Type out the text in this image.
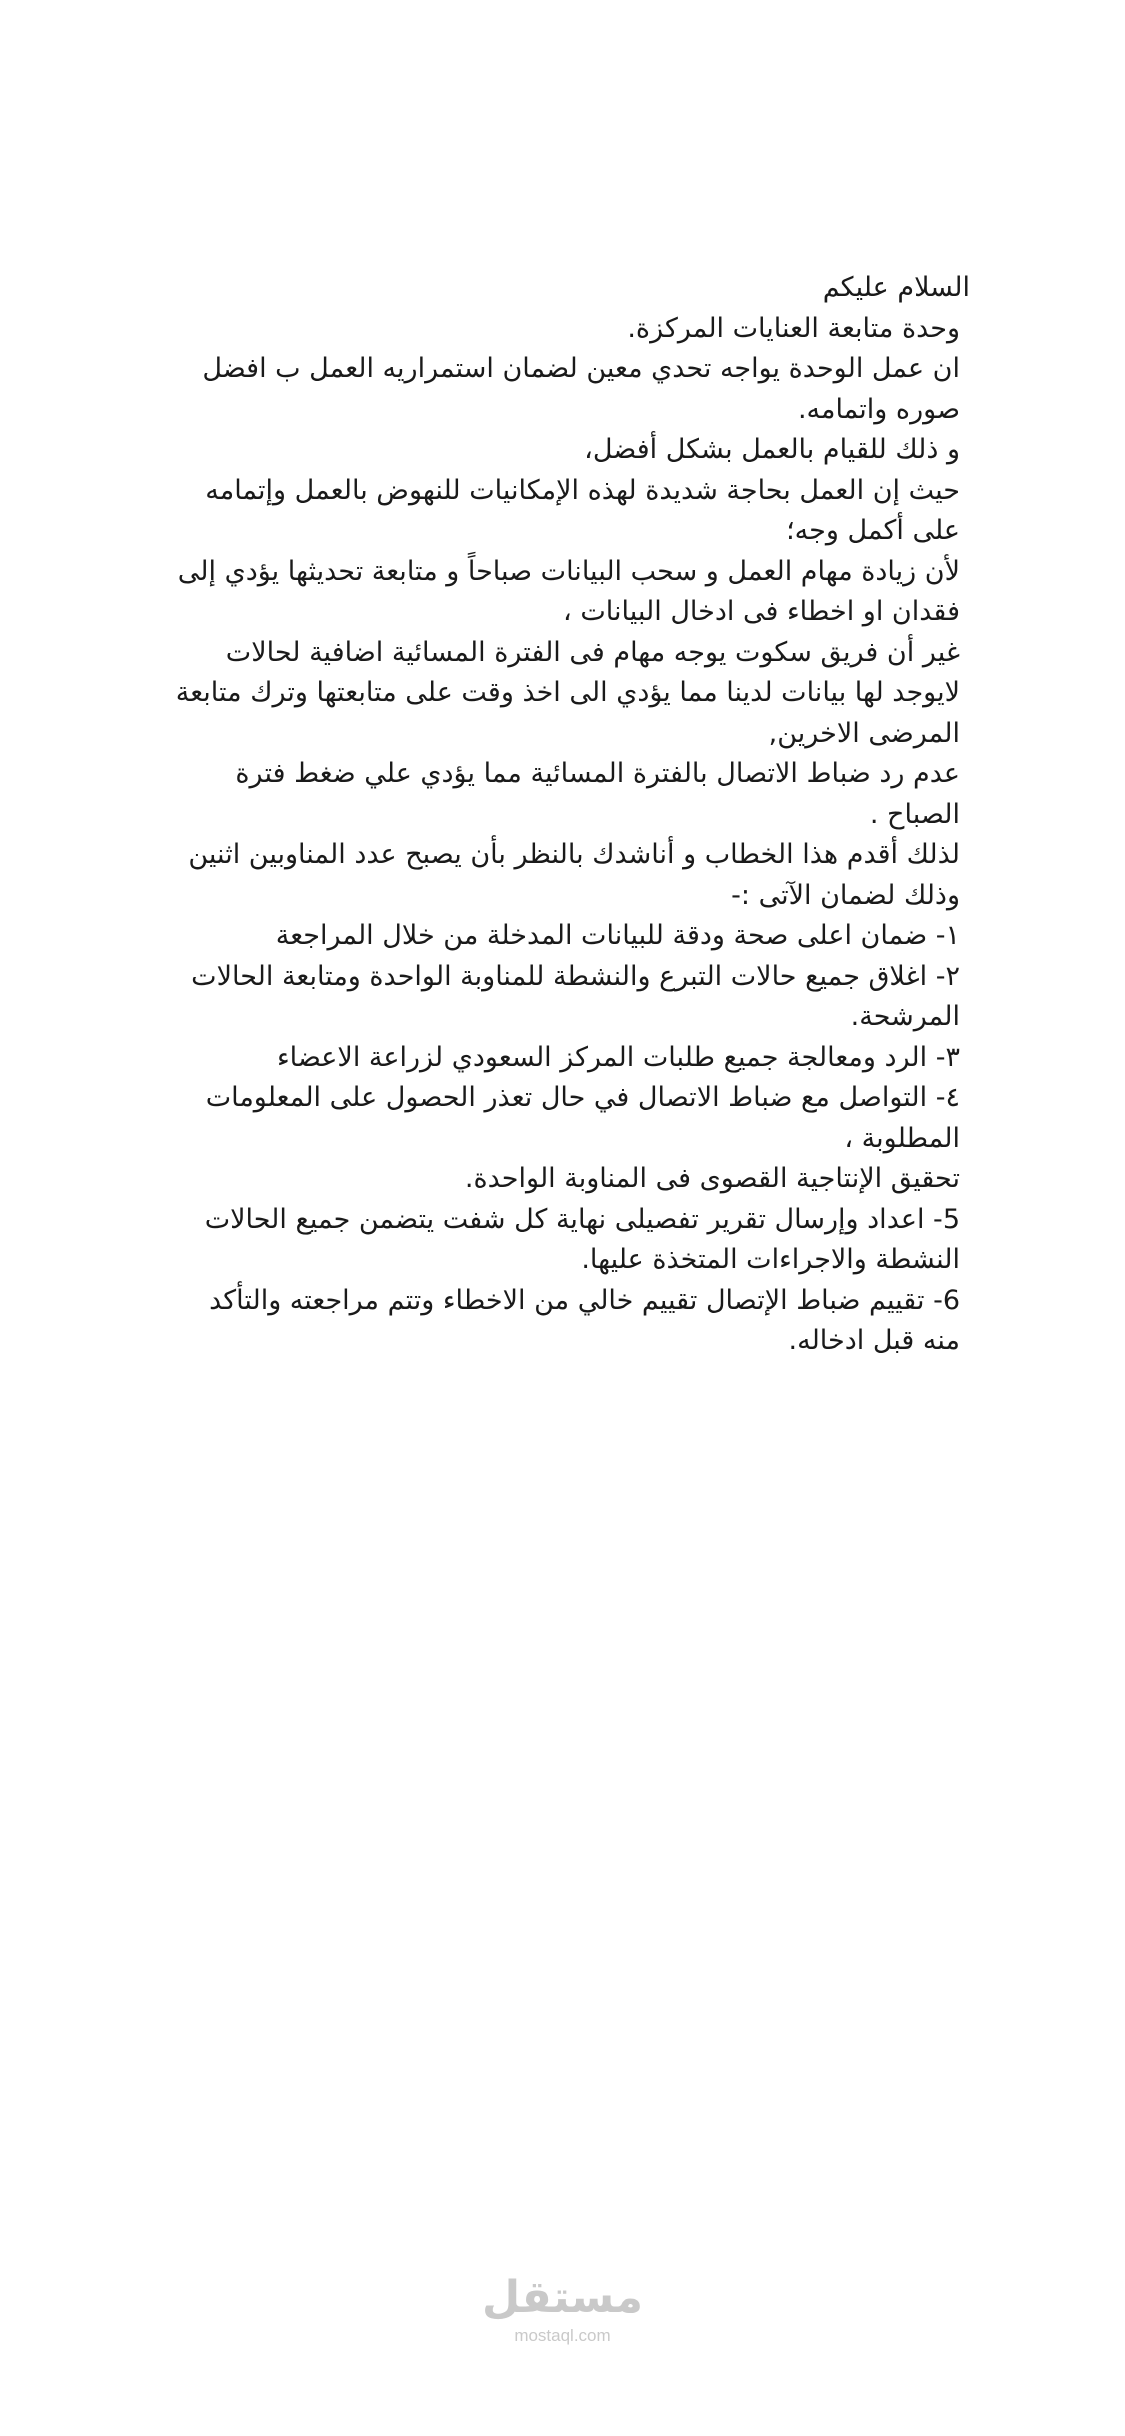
السلام عليكم
وحدة متابعة العنايات المركزة.
ان عمل الوحدة يواجه تحدي معين لضمان استمراريه العمل ب افضل صوره واتمامه.
و ذلك للقيام بالعمل بشكل أفضل،
حيث إن العمل بحاجة شديدة لهذه الإمكانيات للنهوض بالعمل وإتمامه على أكمل وجه؛
لأن زيادة مهام العمل و سحب البيانات صباحاً و متابعة تحديثها يؤدي إلى فقدان او اخطاء فى ادخال البيانات ،
غير أن فريق سكوت يوجه مهام فى الفترة المسائية اضافية لحالات لايوجد لها بيانات لدينا مما يؤدي الى اخذ وقت على متابعتها وترك متابعة المرضى الاخرين,
عدم رد ضباط الاتصال بالفترة المسائية مما يؤدي علي ضغط فترة الصباح .
لذلك أقدم هذا الخطاب و أناشدك بالنظر بأن يصبح عدد المناوبين اثنين وذلك لضمان الآتى :-
١- ضمان اعلى صحة ودقة للبيانات المدخلة من خلال المراجعة
٢- اغلاق جميع حالات التبرع والنشطة للمناوبة الواحدة ومتابعة الحالات المرشحة.
٣- الرد ومعالجة جميع طلبات المركز السعودي لزراعة الاعضاء
٤- التواصل مع ضباط الاتصال في حال تعذر الحصول على المعلومات المطلوبة ،
تحقيق الإنتاجية القصوى فى المناوبة الواحدة.
5- اعداد وإرسال تقرير تفصيلى نهاية كل شفت يتضمن جميع الحالات النشطة والاجراءات المتخذة عليها.
6- تقييم ضباط الإتصال تقييم خالي من الاخطاء وتتم مراجعته والتأكد منه قبل ادخاله.
مستقل
mostaql.com
